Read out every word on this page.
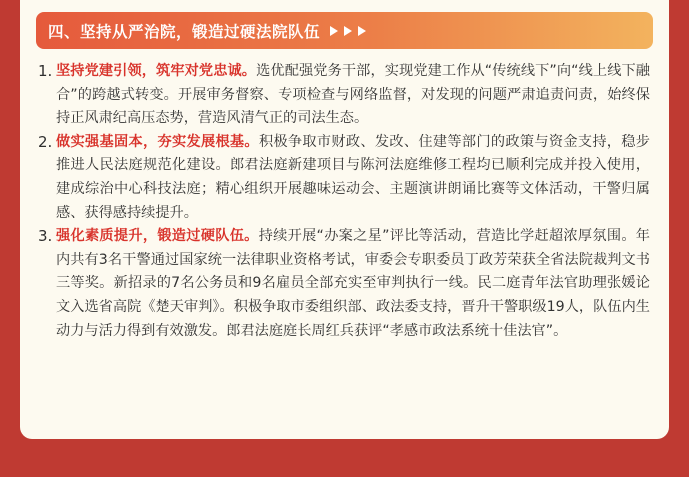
四、坚持从严治院，锻造过硬法院队伍
1. 坚持党建引领，筑牢对党忠诚。选优配强党务干部，实现党建工作从“传统线下”向“线上线下融合”的跨越式转变。开展审务督察、专项检查与网络监督，对发现的问题严肃追责问责，始终保持正风肃纪高压态势，营造风清气正的司法生态。
2. 做实强基固本，夯实发展根基。积极争取市财政、发改、住建等部门的政策与资金支持，稳步推进人民法庭规范化建设。郎君法庭新建项目与陈河法庭维修工程均已顺利完成并投入使用，建成综治中心科技法庭；精心组织开展趣味运动会、主题演讲朗诵比赛等文体活动，干警归属感、获得感持续提升。
3. 强化素质提升，锻造过硬队伍。持续开展“办案之星”评比等活动，营造比学赶超浓厚氛围。年内共有3名干警通过国家统一法律职业资格考试，审委会专职委员丁政芳荣获全省法院裁判文书三等奖。新招录的7名公务员和9名雇员全部充实至审判执行一线。民二庭青年法官助理张媛论文入选省高院《楚天审判》。积极争取市委组织部、政法委支持，晋升干警职级19人，队伍内生动力与活力得到有效激发。郎君法庭庭长周红兵获评“孝感市政法系统十佳法官”。
